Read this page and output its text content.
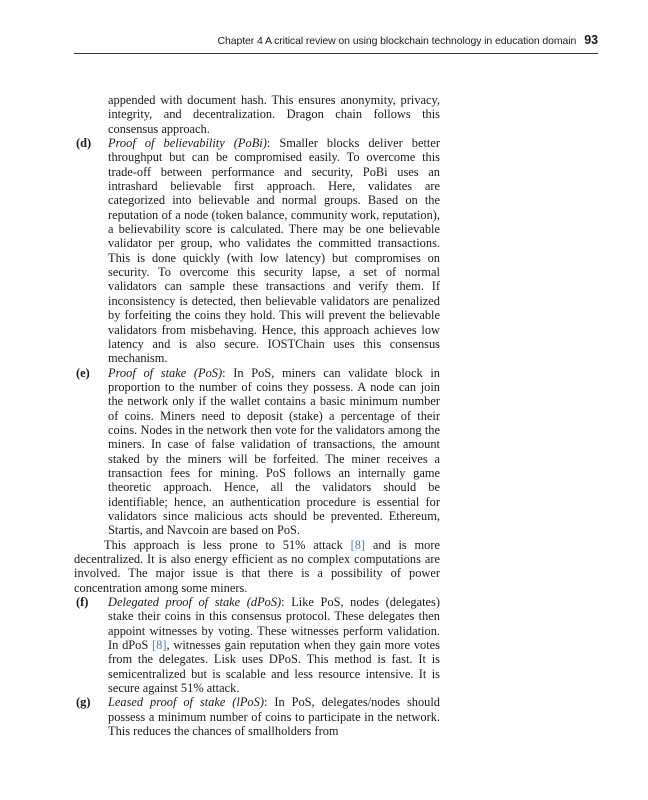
Chapter 4 A critical review on using blockchain technology in education domain 93

appended with document hash. This ensures anonymity, privacy, integrity, and decentralization. Dragon chain follows this consensus approach.

(d) Proof of believability (PoBi): Smaller blocks deliver better throughput but can be compromised easily. To overcome this trade-off between performance and security, PoBi uses an intrashard believable first approach. Here, validates are categorized into believable and normal groups. Based on the reputation of a node (token balance, community work, reputation), a believability score is calculated. There may be one believable validator per group, who validates the committed transactions. This is done quickly (with low latency) but compromises on security. To overcome this security lapse, a set of normal validators can sample these transactions and verify them. If inconsistency is detected, then believable validators are penalized by forfeiting the coins they hold. This will prevent the believable validators from misbehaving. Hence, this approach achieves low latency and is also secure. IOSTChain uses this consensus mechanism.

(e) Proof of stake (PoS): In PoS, miners can validate block in proportion to the number of coins they possess. A node can join the network only if the wallet contains a basic minimum number of coins. Miners need to deposit (stake) a percentage of their coins. Nodes in the network then vote for the validators among the miners. In case of false validation of transactions, the amount staked by the miners will be forfeited. The miner receives a transaction fees for mining. PoS follows an internally game theoretic approach. Hence, all the validators should be identifiable; hence, an authentication procedure is essential for validators since malicious acts should be prevented. Ethereum, Startis, and Navcoin are based on PoS.

This approach is less prone to 51% attack [8] and is more decentralized. It is also energy efficient as no complex computations are involved. The major issue is that there is a possibility of power concentration among some miners.

(f) Delegated proof of stake (dPoS): Like PoS, nodes (delegates) stake their coins in this consensus protocol. These delegates then appoint witnesses by voting. These witnesses perform validation. In dPoS [8], witnesses gain reputation when they gain more votes from the delegates. Lisk uses DPoS. This method is fast. It is semicentralized but is scalable and less resource intensive. It is secure against 51% attack.

(g) Leased proof of stake (lPoS): In PoS, delegates/nodes should possess a minimum number of coins to participate in the network. This reduces the chances of smallholders from
